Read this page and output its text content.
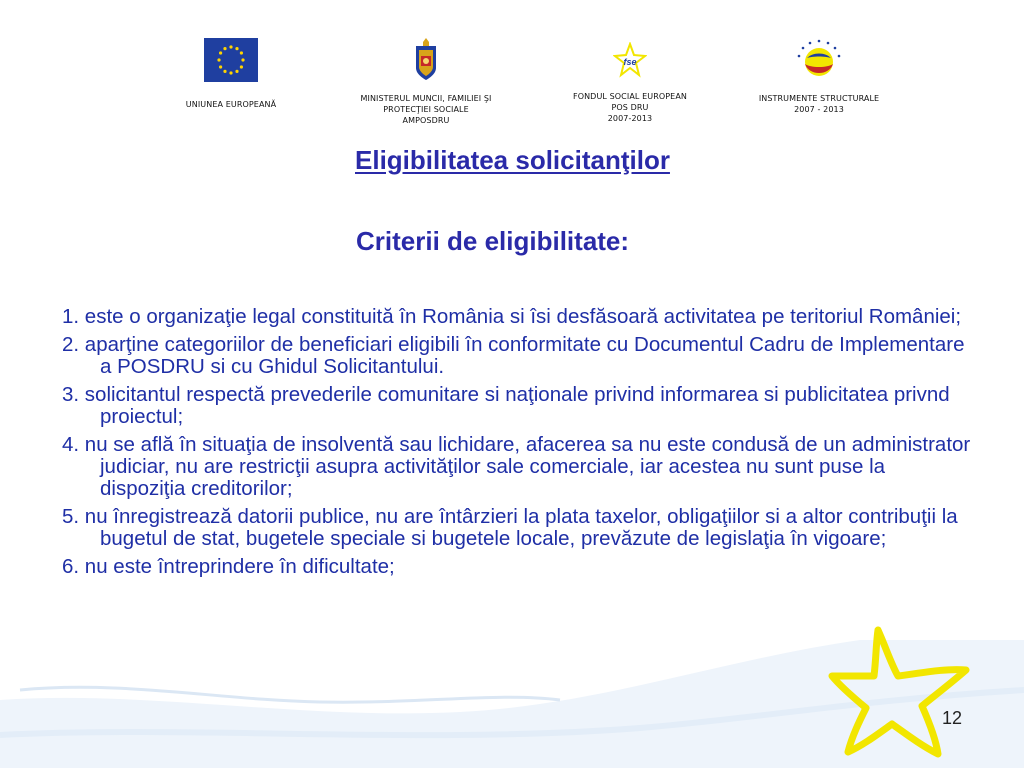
UNIUNEA EUROPEANĂ
MINISTERUL MUNCII, FAMILIEI ŞI
PROTECŢIEI SOCIALE
AMPOSDRU
fse
FONDUL SOCIAL EUROPEAN
POS DRU
2007-2013
INSTRUMENTE STRUCTURALE
2007 - 2013
Eligibilitatea solicitanţilor
Criterii de eligibilitate:
1. este o organizaţie legal constituită în România si îsi desfăsoară activitatea pe teritoriul României;
2. aparţine categoriilor de beneficiari eligibili în conformitate cu Documentul Cadru de Implementare a POSDRU si cu Ghidul Solicitantului.
3. solicitantul respectă prevederile comunitare si naţionale privind informarea si publicitatea privnd proiectul;
4. nu se află în situaţia de insolventă sau lichidare, afacerea sa nu este condusă de un administrator judiciar, nu are restricţii asupra activităţilor sale comerciale, iar acestea nu sunt puse la dispoziţia creditorilor;
5. nu înregistrează datorii publice, nu are întârzieri la plata taxelor, obligaţiilor si a altor contribuţii la bugetul de stat, bugetele speciale si bugetele locale, prevăzute de legislaţia în vigoare;
6. nu este întreprindere în dificultate;
12
